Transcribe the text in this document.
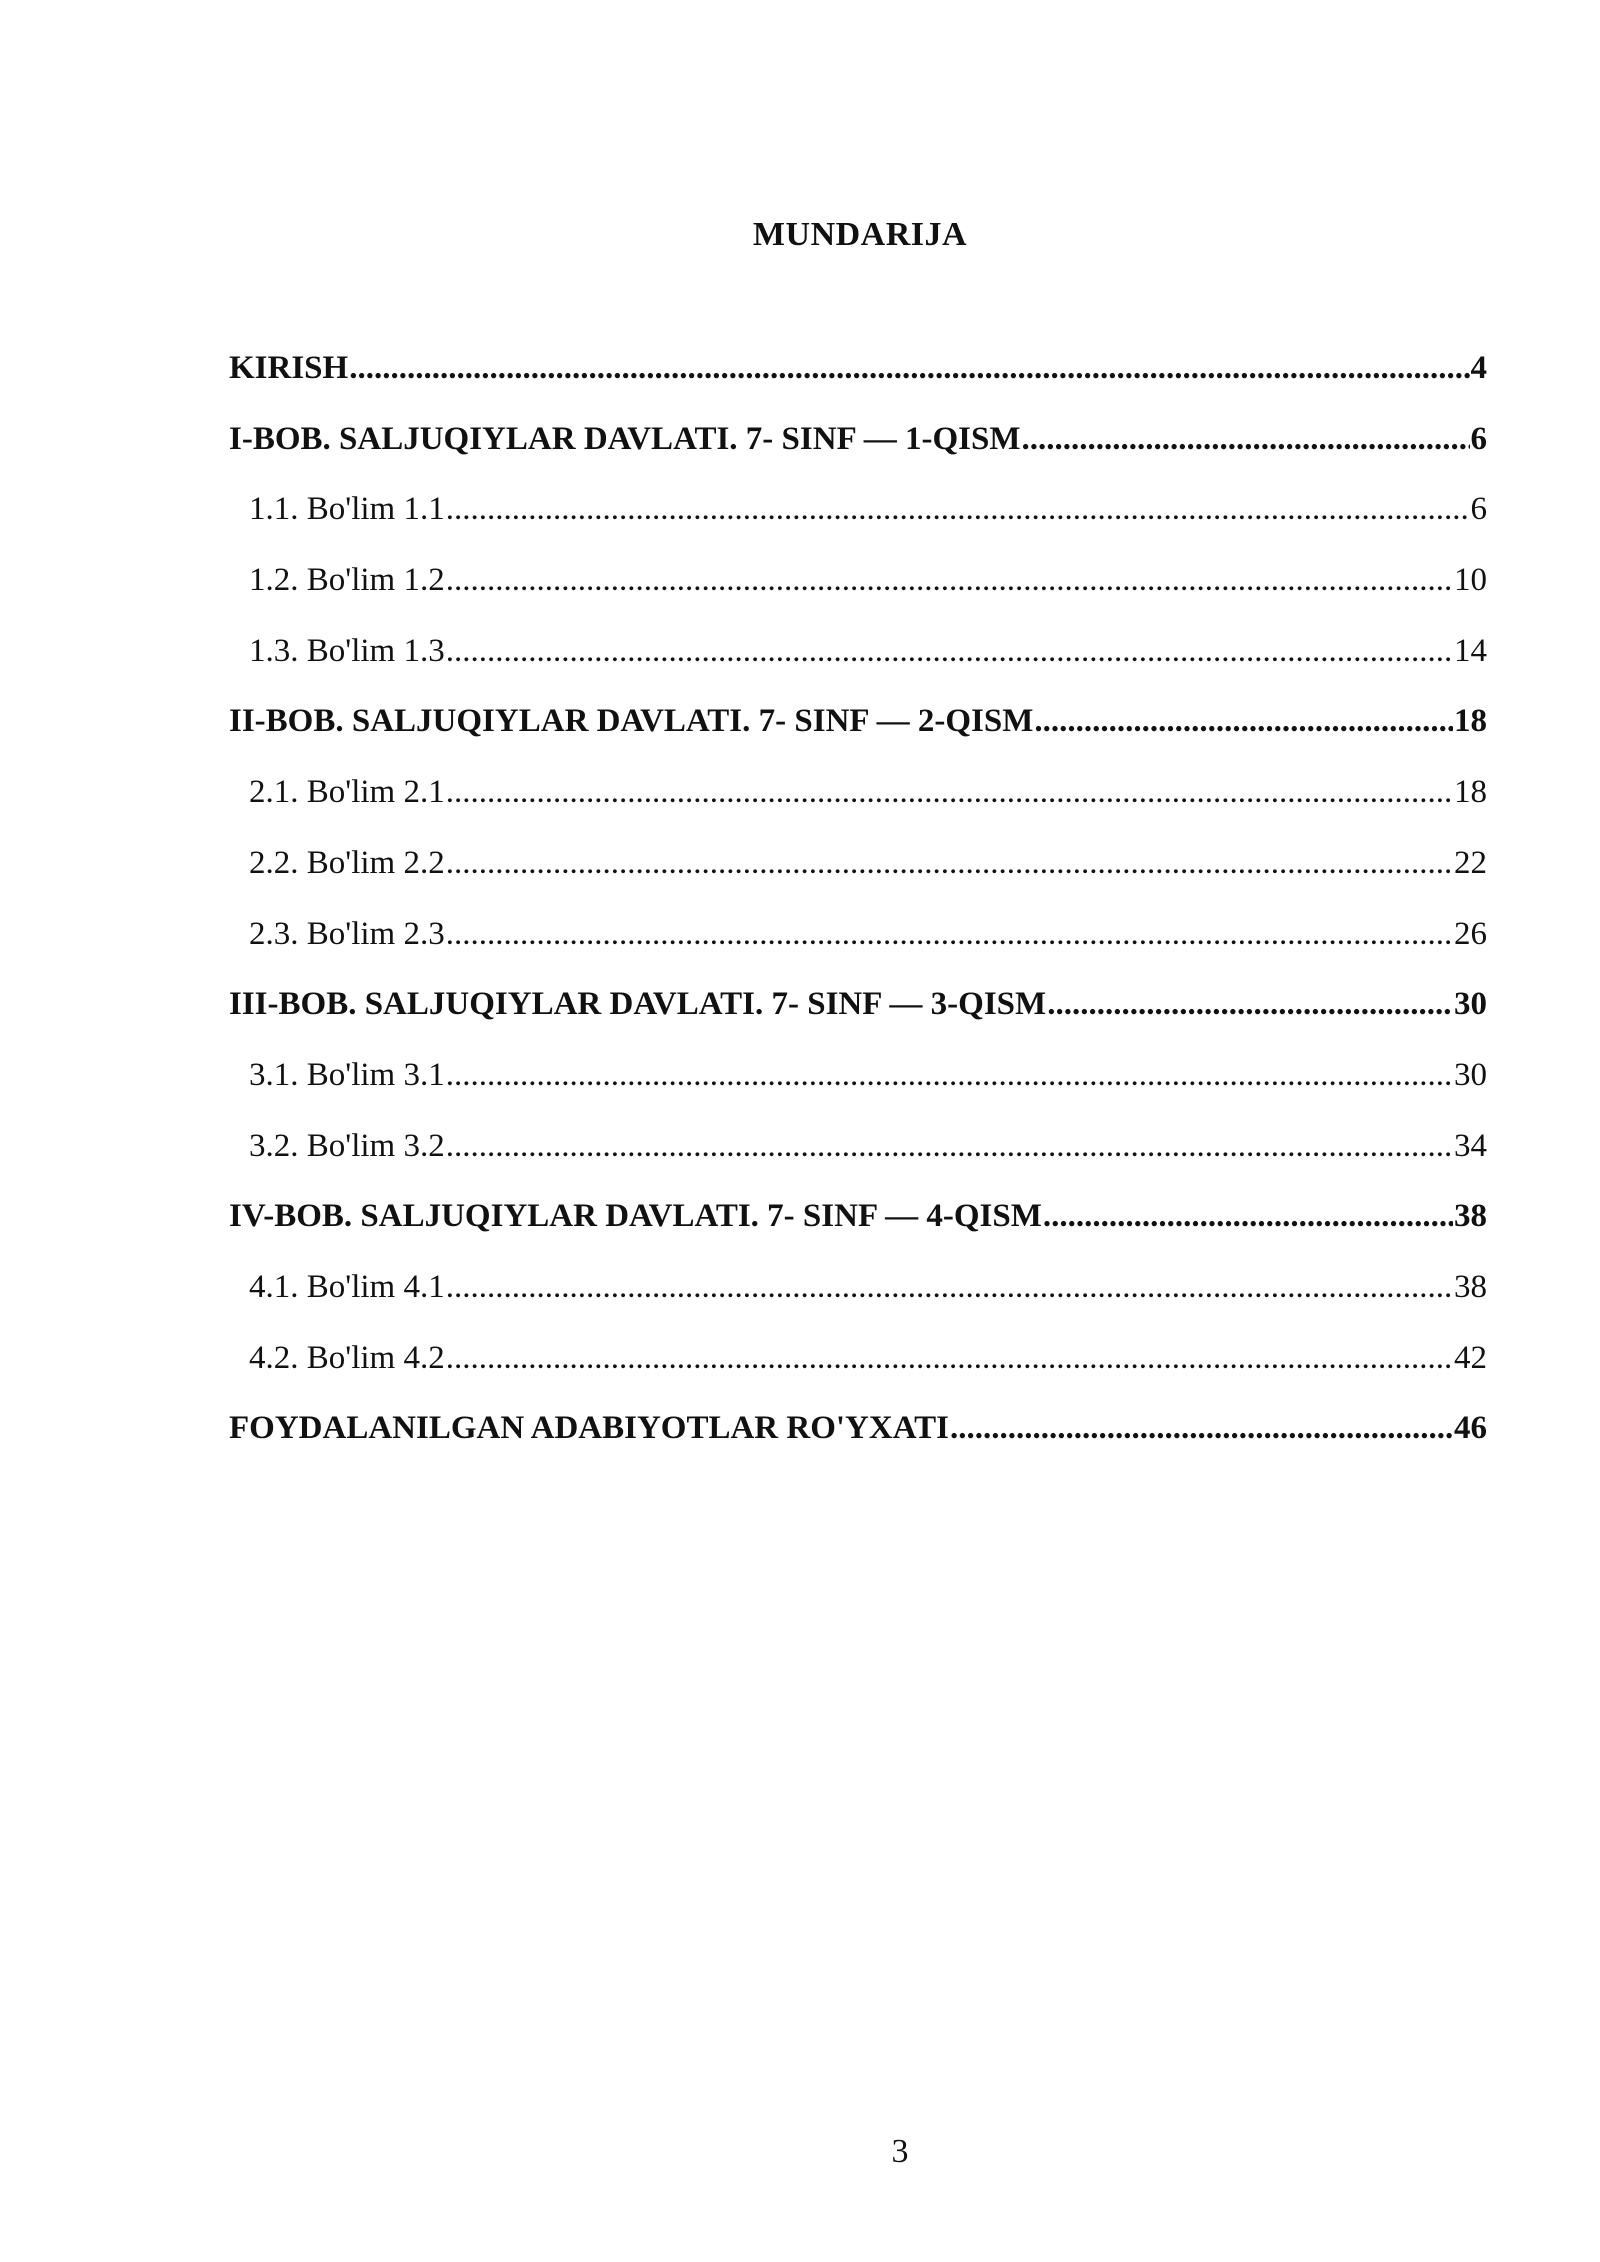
MUNDARIJA
KIRISH .....	4
I-BOB. SALJUQIYLAR DAVLATI. 7- SINF — 1-QISM .....	6
1.1. Bo'lim 1.1 .....	6
1.2. Bo'lim 1.2 .....	10
1.3. Bo'lim 1.3 .....	14
II-BOB. SALJUQIYLAR DAVLATI. 7- SINF — 2-QISM .....	18
2.1. Bo'lim 2.1 .....	18
2.2. Bo'lim 2.2 .....	22
2.3. Bo'lim 2.3 .....	26
III-BOB. SALJUQIYLAR DAVLATI. 7- SINF — 3-QISM .....	30
3.1. Bo'lim 3.1 .....	30
3.2. Bo'lim 3.2 .....	34
IV-BOB. SALJUQIYLAR DAVLATI. 7- SINF — 4-QISM .....	38
4.1. Bo'lim 4.1 .....	38
4.2. Bo'lim 4.2 .....	42
FOYDALANILGAN ADABIYOTLAR RO'YXATI .....	46
3
